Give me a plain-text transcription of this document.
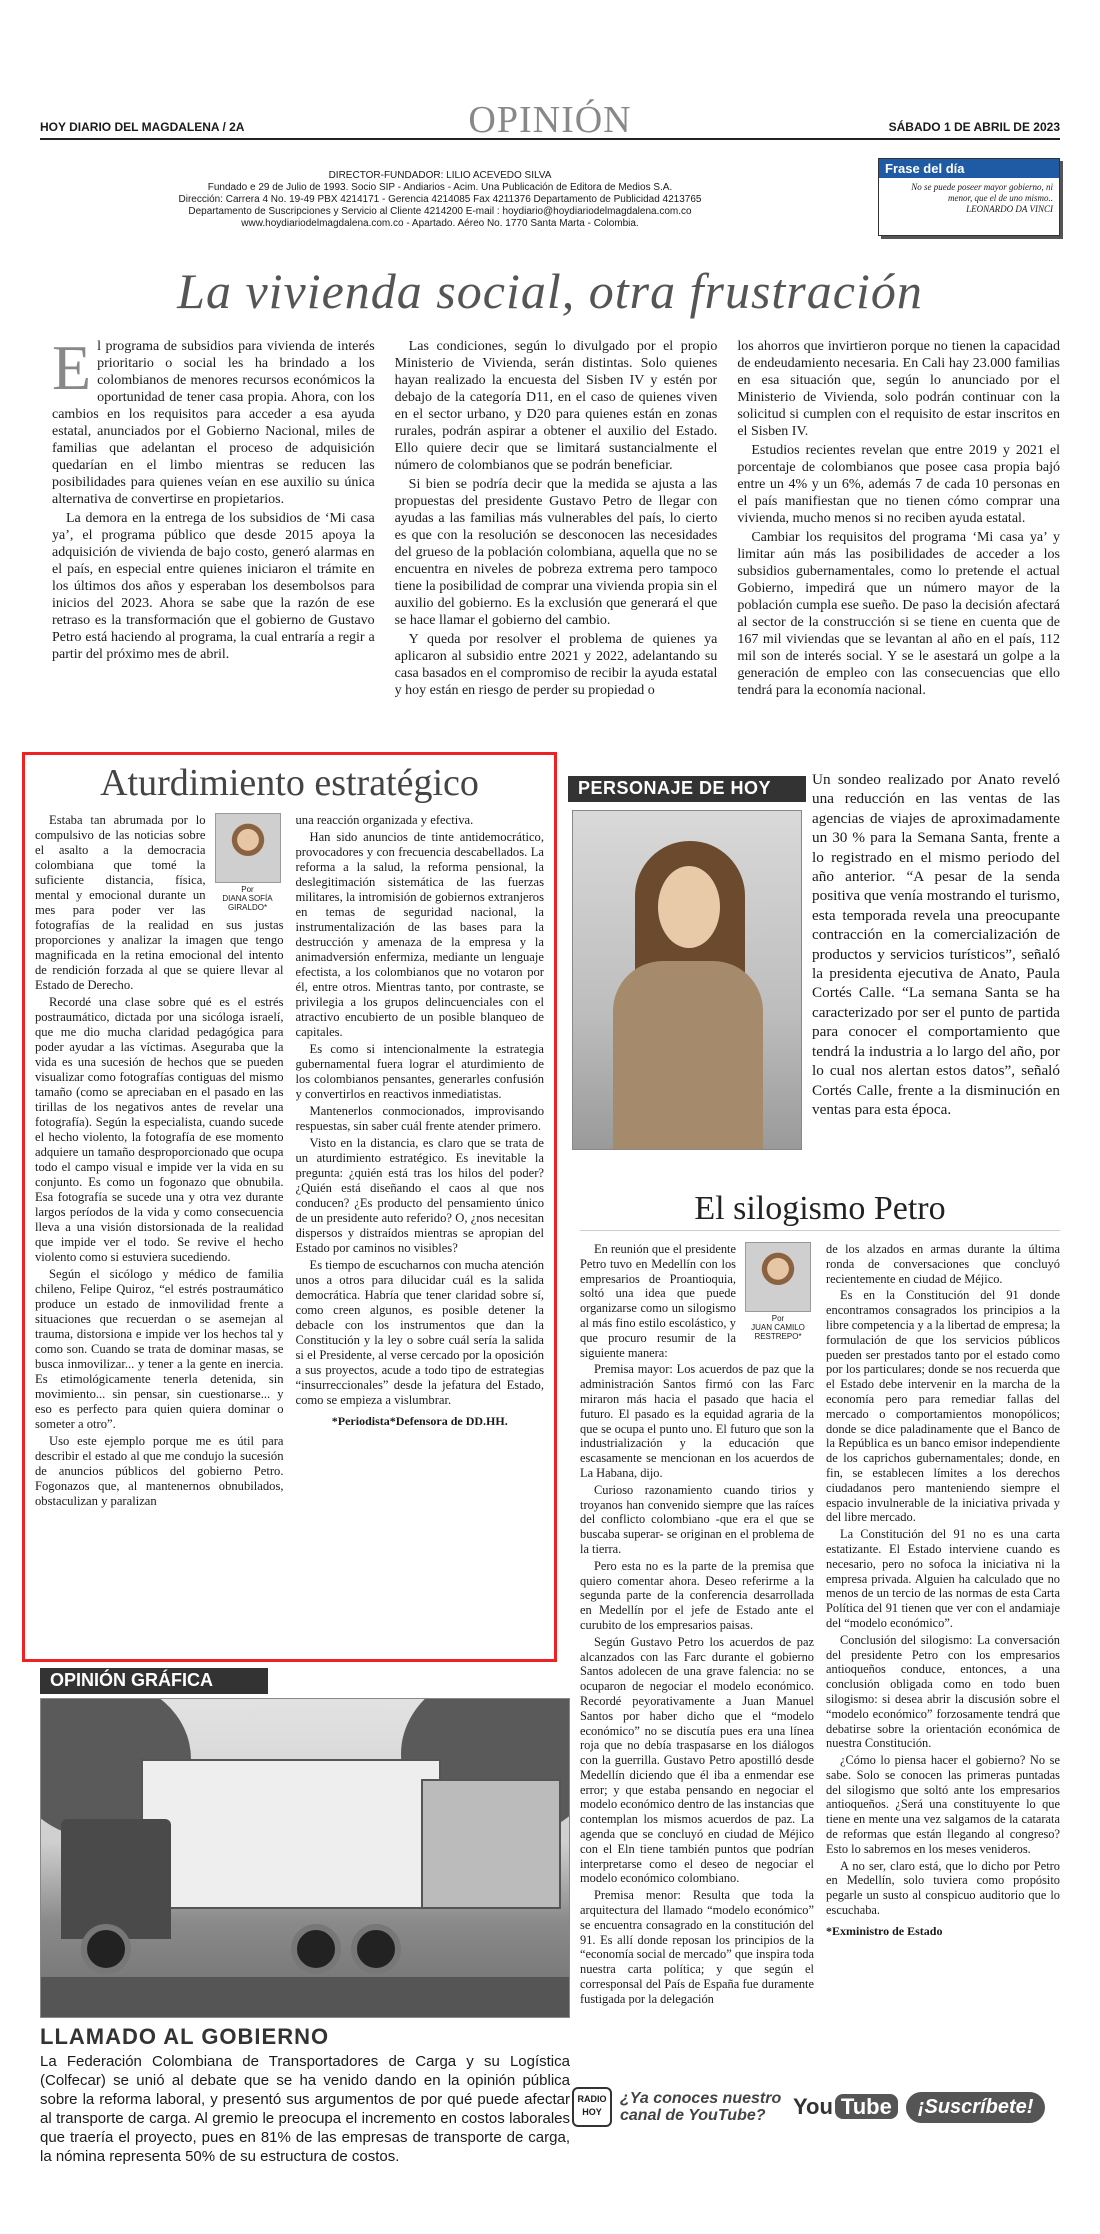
HOY DIARIO DEL MAGDALENA / 2A	OPINIÓN	SÁBADO 1 DE ABRIL DE 2023
DIRECTOR-FUNDADOR: LILIO ACEVEDO SILVA
Fundado e 29 de Julio de 1993. Socio SIP - Andiarios - Acim. Una Publicación de Editora de Medios S.A.
Dirección: Carrera 4 No. 19-49 PBX 4214171 - Gerencia 4214085 Fax 4211376 Departamento de Publicidad 4213765
Departamento de Suscripciones y Servicio al Cliente 4214200 E-mail : hoydiario@hoydiariodelmagdalena.com.co
www.hoydiariodelmagdalena.com.co - Apartado. Aéreo No. 1770 Santa Marta - Colombia.
Frase del día
No se puede poseer mayor gobierno, ni menor, que el de uno mismo..
LEONARDO DA VINCI
La vivienda social, otra frustración
E l programa de subsidios para vivienda de interés prioritario o social les ha brindado a los colombianos de menores recursos económicos la oportunidad de tener casa propia. Ahora, con los cambios en los requisitos para acceder a esa ayuda estatal, anunciados por el Gobierno Nacional, miles de familias que adelantan el proceso de adquisición quedarían en el limbo mientras se reducen las posibilidades para quienes veían en ese auxilio su única alternativa de convertirse en propietarios.

La demora en la entrega de los subsidios de ‘Mi casa ya’, el programa público que desde 2015 apoya la adquisición de vivienda de bajo costo, generó alarmas en el país, en especial entre quienes iniciaron el trámite en los últimos dos años y esperaban los desembolsos para inicios del 2023. Ahora se sabe que la razón de ese retraso es la transformación que el gobierno de Gustavo Petro está haciendo al programa, la cual entraría a regir a partir del próximo mes de abril.

Las condiciones, según lo divulgado por el propio Ministerio de Vivienda, serán distintas. Solo quienes hayan realizado la encuesta del Sisben IV y estén por debajo de la categoría D11, en el caso de quienes viven en el sector urbano, y D20 para quienes están en zonas rurales, podrán aspirar a obtener el auxilio del Estado. Ello quiere decir que se limitará sustancialmente el número de colombianos que se podrán beneficiar.

Si bien se podría decir que la medida se ajusta a las propuestas del presidente Gustavo Petro de llegar con ayudas a las familias más vulnerables del país, lo cierto es que con la resolución se desconocen las necesidades del grueso de la población colombiana, aquella que no se encuentra en niveles de pobreza extrema pero tampoco tiene la posibilidad de comprar una vivienda propia sin el auxilio del gobierno. Es la exclusión que generará el que se hace llamar el gobierno del cambio.

Y queda por resolver el problema de quienes ya aplicaron al subsidio entre 2021 y 2022, adelantando su casa basados en el compromiso de recibir la ayuda estatal y hoy están en riesgo de perder su propiedad o

los ahorros que invirtieron porque no tienen la capacidad de endeudamiento necesaria. En Cali hay 23.000 familias en esa situación que, según lo anunciado por el Ministerio de Vivienda, solo podrán continuar con la solicitud si cumplen con el requisito de estar inscritos en el Sisben IV.

Estudios recientes revelan que entre 2019 y 2021 el porcentaje de colombianos que posee casa propia bajó entre un 4% y un 6%, además 7 de cada 10 personas en el país manifiestan que no tienen cómo comprar una vivienda, mucho menos si no reciben ayuda estatal.

Cambiar los requisitos del programa ‘Mi casa ya’ y limitar aún más las posibilidades de acceder a los subsidios gubernamentales, como lo pretende el actual Gobierno, impedirá que un número mayor de la población cumpla ese sueño. De paso la decisión afectará al sector de la construcción si se tiene en cuenta que de 167 mil viviendas que se levantan al año en el país, 112 mil son de interés social. Y se le asestará un golpe a la generación de empleo con las consecuencias que ello tendrá para la economía nacional.

Aturdimiento estratégico
Por
DIANA SOFÍA GIRALDO*

Estaba tan abrumada por lo compulsivo de las noticias sobre el asalto a la democracia colombiana que tomé la suficiente distancia, física, mental y emocional durante un mes para poder ver las fotografías de la realidad en sus justas proporciones y analizar la imagen que tengo magnificada en la retina emocional del intento de rendición forzada al que se quiere llevar al Estado de Derecho.

Recordé una clase sobre qué es el estrés postraumático, dictada por una sicóloga israelí, que me dio mucha claridad pedagógica para poder ayudar a las víctimas. Aseguraba que la vida es una sucesión de hechos que se pueden visualizar como fotografías contiguas del mismo tamaño (como se apreciaban en el pasado en las tirillas de los negativos antes de revelar una fotografía). Según la especialista, cuando sucede el hecho violento, la fotografía de ese momento adquiere un tamaño desproporcionado que ocupa todo el campo visual e impide ver la vida en su conjunto. Es como un fogonazo que obnubila. Esa fotografía se sucede una y otra vez durante largos períodos de la vida y como consecuencia lleva a una visión distorsionada de la realidad que impide ver el todo. Se revive el hecho violento como si estuviera sucediendo.

Según el sicólogo y médico de familia chileno, Felipe Quiroz, “el estrés postraumático produce un estado de inmovilidad frente a situaciones que recuerdan o se asemejan al trauma, distorsiona e impide ver los hechos tal y como son. Cuando se trata de dominar masas, se busca inmovilizar... y tener a la gente en inercia. Es etimológicamente tenerla detenida, sin movimiento... sin pensar, sin cuestionarse... y eso es perfecto para quien quiera dominar o someter a otro”.

Uso este ejemplo porque me es útil para describir el estado al que me condujo la sucesión de anuncios públicos del gobierno Petro. Fogonazos que, al mantenernos obnubilados, obstaculizan y paralizan

una reacción organizada y efectiva.

Han sido anuncios de tinte antidemocrático, provocadores y con frecuencia descabellados. La reforma a la salud, la reforma pensional, la deslegitimación sistemática de las fuerzas militares, la intromisión de gobiernos extranjeros en temas de seguridad nacional, la instrumentalización de las bases para la destrucción y amenaza de la empresa y la animadversión enfermiza, mediante un lenguaje efectista, a los colombianos que no votaron por él, entre otros. Mientras tanto, por contraste, se privilegia a los grupos delincuenciales con el atractivo encubierto de un posible blanqueo de capitales.

Es como si intencionalmente la estrategia gubernamental fuera lograr el aturdimiento de los colombianos pensantes, generarles confusión y convertirlos en reactivos inmediatistas.

Mantenerlos conmocionados, improvisando respuestas, sin saber cuál frente atender primero.

Visto en la distancia, es claro que se trata de un aturdimiento estratégico. Es inevitable la pregunta: ¿quién está tras los hilos del poder? ¿Quién está diseñando el caos al que nos conducen? ¿Es producto del pensamiento único de un presidente auto referido? O, ¿nos necesitan dispersos y distraídos mientras se apropian del Estado por caminos no visibles?

Es tiempo de escucharnos con mucha atención unos a otros para dilucidar cuál es la salida democrática. Habría que tener claridad sobre sí, como creen algunos, es posible detener la debacle con los instrumentos que dan la Constitución y la ley o sobre cuál sería la salida si el Presidente, al verse cercado por la oposición a sus proyectos, acude a todo tipo de estrategias “insurreccionales” desde la jefatura del Estado, como se empieza a vislumbrar.

*Periodista*Defensora de DD.HH.
PERSONAJE DE HOY	Un sondeo realizado por Anato reveló una reducción en las ventas de las agencias de viajes de aproximadamente un 30 % para la Semana Santa, frente a lo registrado en el mismo periodo del año anterior. “A pesar de la senda positiva que venía mostrando el turismo, esta temporada revela una preocupante contracción en la comercialización de productos y servicios turísticos”, señaló la presidenta ejecutiva de Anato, Paula Cortés Calle. “La semana Santa se ha caracterizado por ser el punto de partida para conocer el comportamiento que tendrá la industria a lo largo del año, por lo cual nos alertan estos datos”, señaló Cortés Calle, frente a la disminución en ventas para esta época.
El silogismo Petro
Por
JUAN CAMILO RESTREPO*

En reunión que el presidente Petro tuvo en Medellín con los empresarios de Proantioquia, soltó una idea que puede organizarse como un silogismo al más fino estilo escolástico, y que procuro resumir de la siguiente manera:

Premisa mayor: Los acuerdos de paz que la administración Santos firmó con las Farc miraron más hacia el pasado que hacia el futuro. El pasado es la equidad agraria de la que se ocupa el punto uno. El futuro que son la industrialización y la educación que escasamente se mencionan en los acuerdos de La Habana, dijo.

Curioso razonamiento cuando tirios y troyanos han convenido siempre que las raíces del conflicto colombiano -que era el que se buscaba superar- se originan en el problema de la tierra.

Pero esta no es la parte de la premisa que quiero comentar ahora. Deseo referirme a la segunda parte de la conferencia desarrollada en Medellín por el jefe de Estado ante el curubito de los empresarios paisas.

Según Gustavo Petro los acuerdos de paz alcanzados con las Farc durante el gobierno Santos adolecen de una grave falencia: no se ocuparon de negociar el modelo económico. Recordé peyorativamente a Juan Manuel Santos por haber dicho que el “modelo económico” no se discutía pues era una línea roja que no debía traspasarse en los diálogos con la guerrilla. Gustavo Petro apostilló desde Medellín diciendo que él iba a enmendar ese error; y que estaba pensando en negociar el modelo económico dentro de las instancias que contemplan los mismos acuerdos de paz. La agenda que se concluyó en ciudad de Méjico con el Eln tiene también puntos que podrían interpretarse como el deseo de negociar el modelo económico colombiano.

Premisa menor: Resulta que toda la arquitectura del llamado “modelo económico” se encuentra consagrado en la constitución del 91. Es allí donde reposan los principios de la “economía social de mercado” que inspira toda nuestra carta política; y que según el corresponsal del País de España fue duramente fustigada por la delegación

de los alzados en armas durante la última ronda de conversaciones que concluyó recientemente en ciudad de Méjico.

Es en la Constitución del 91 donde encontramos consagrados los principios a la libre competencia y a la libertad de empresa; la formulación de que los servicios públicos pueden ser prestados tanto por el estado como por los particulares; donde se nos recuerda que el Estado debe intervenir en la marcha de la economía pero para remediar fallas del mercado o comportamientos monopólicos; donde se dice paladinamente que el Banco de la República es un banco emisor independiente de los caprichos gubernamentales; donde, en fin, se establecen límites a los derechos ciudadanos pero manteniendo siempre el espacio invulnerable de la iniciativa privada y del libre mercado.

La Constitución del 91 no es una carta estatizante. El Estado interviene cuando es necesario, pero no sofoca la iniciativa ni la empresa privada. Alguien ha calculado que no menos de un tercio de las normas de esta Carta Política del 91 tienen que ver con el andamiaje del “modelo económico”.

Conclusión del silogismo: La conversación del presidente Petro con los empresarios antioqueños conduce, entonces, a una conclusión obligada como en todo buen silogismo: si desea abrir la discusión sobre el “modelo económico” forzosamente tendrá que debatirse sobre la orientación económica de nuestra Constitución.

¿Cómo lo piensa hacer el gobierno? No se sabe. Solo se conocen las primeras puntadas del silogismo que soltó ante los empresarios antioqueños. ¿Será una constituyente lo que tiene en mente una vez salgamos de la catarata de reformas que están llegando al congreso? Esto lo sabremos en los meses venideros.

A no ser, claro está, que lo dicho por Petro en Medellín, solo tuviera como propósito pegarle un susto al conspicuo auditorio que lo escuchaba.

*Exministro de Estado
OPINIÓN GRÁFICA
LLAMADO AL GOBIERNO
La Federación Colombiana de Transportadores de Carga y su Logística (Colfecar) se unió al debate que se ha venido dando en la opinión pública sobre la reforma laboral, y presentó sus argumentos de por qué puede afectar al transporte de carga. Al gremio le preocupa el incremento en costos laborales que traería el proyecto, pues en 81% de las empresas de transporte de carga, la nómina representa 50% de su estructura de costos.
RADIO
HOY
¿Ya conoces nuestro canal de YouTube?	You Tube	¡Suscríbete!
